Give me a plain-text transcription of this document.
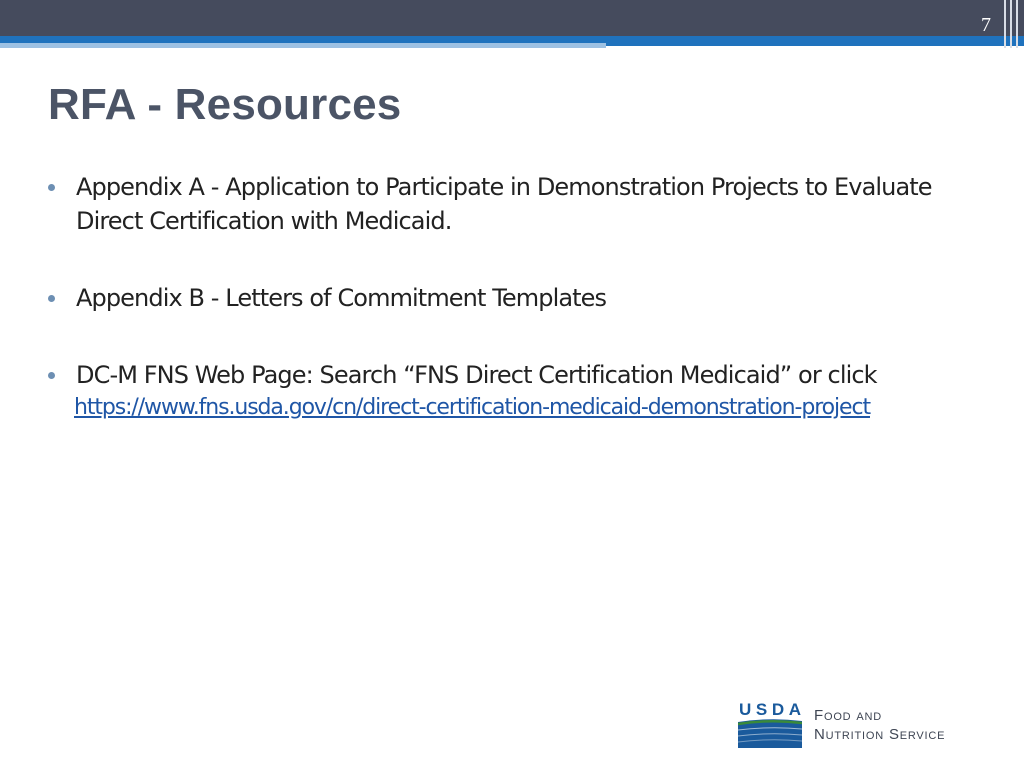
7
RFA - Resources
Appendix A - Application to Participate in Demonstration Projects to Evaluate Direct Certification with Medicaid.
Appendix B - Letters of Commitment Templates
DC-M FNS Web Page: Search “FNS Direct Certification Medicaid” or click
https://www.fns.usda.gov/cn/direct-certification-medicaid-demonstration-project
USDA Food and
Nutrition Service
